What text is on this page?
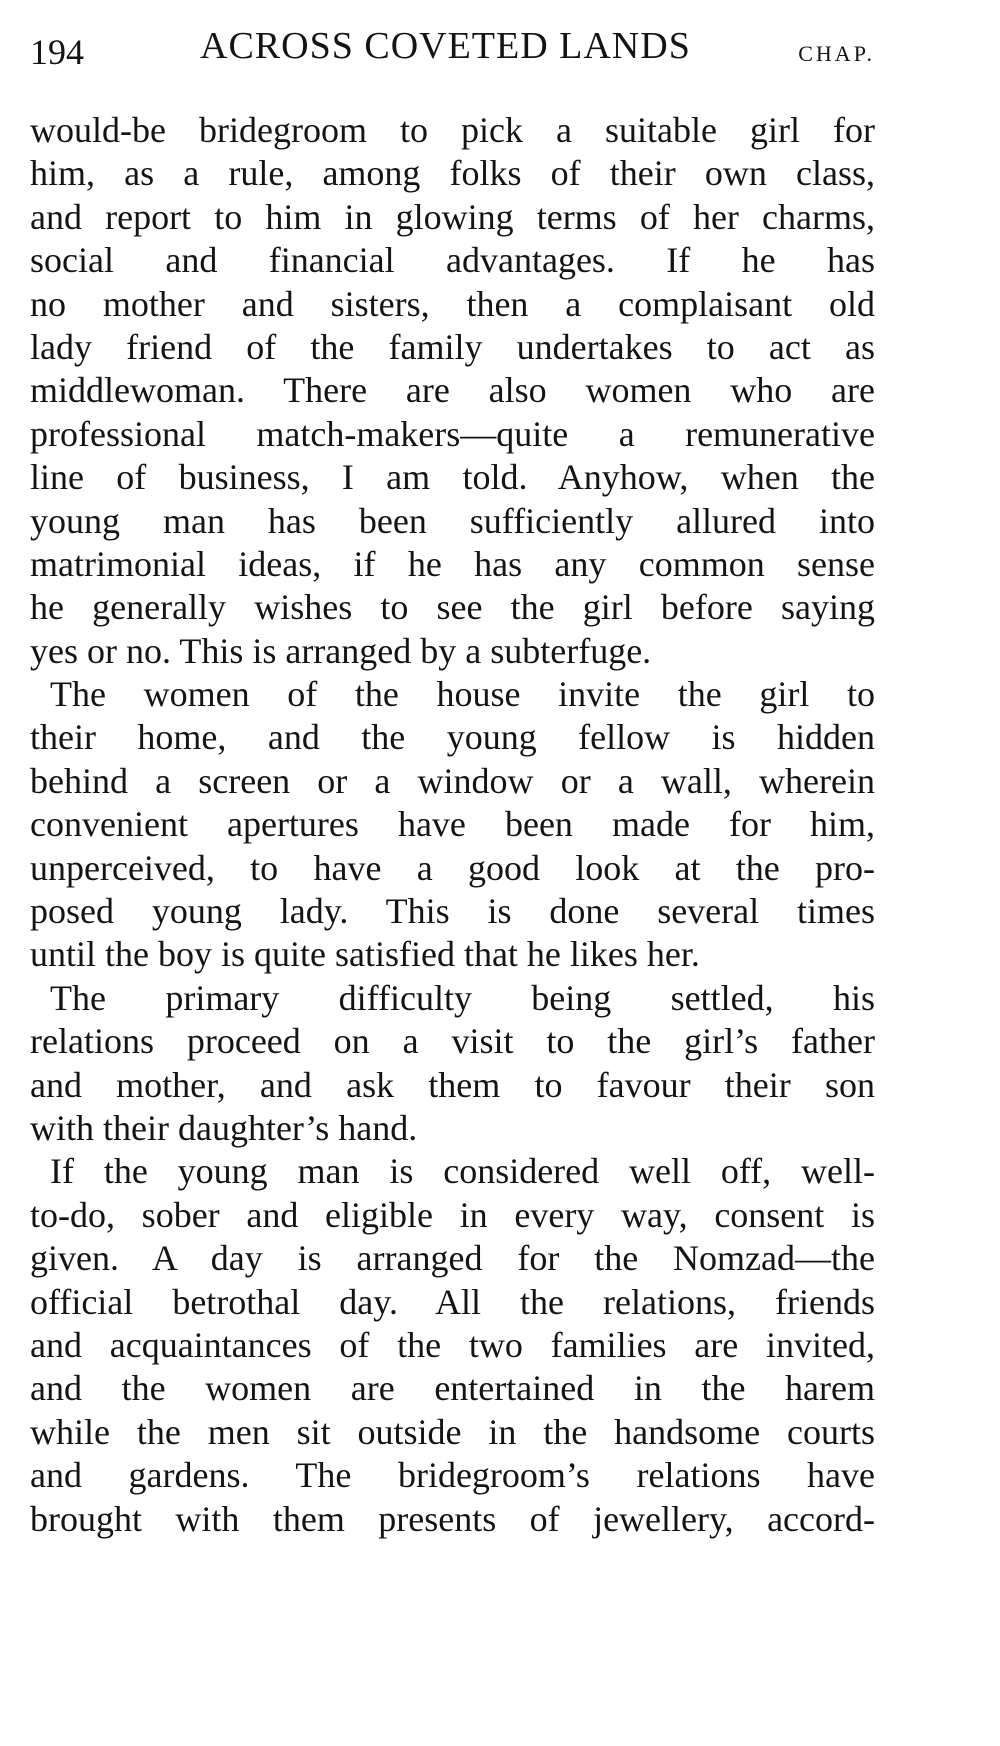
194	ACROSS COVETED LANDS	CHAP.
would-be bridegroom to pick a suitable girl for
him, as a rule, among folks of their own class,
and report to him in glowing terms of her charms,
social and financial advantages. If he has
no mother and sisters, then a complaisant old
lady friend of the family undertakes to act as
middlewoman. There are also women who are
professional match-makers—quite a remunerative
line of business, I am told. Anyhow, when the
young man has been sufficiently allured into
matrimonial ideas, if he has any common sense
he generally wishes to see the girl before saying
yes or no. This is arranged by a subterfuge.
The women of the house invite the girl to
their home, and the young fellow is hidden
behind a screen or a window or a wall, wherein
convenient apertures have been made for him,
unperceived, to have a good look at the pro-
posed young lady. This is done several times
until the boy is quite satisfied that he likes her.
The primary difficulty being settled, his
relations proceed on a visit to the girl’s father
and mother, and ask them to favour their son
with their daughter’s hand.
If the young man is considered well off, well-
to-do, sober and eligible in every way, consent is
given. A day is arranged for the Nomzad—the
official betrothal day. All the relations, friends
and acquaintances of the two families are invited,
and the women are entertained in the harem
while the men sit outside in the handsome courts
and gardens. The bridegroom’s relations have
brought with them presents of jewellery, accord-
